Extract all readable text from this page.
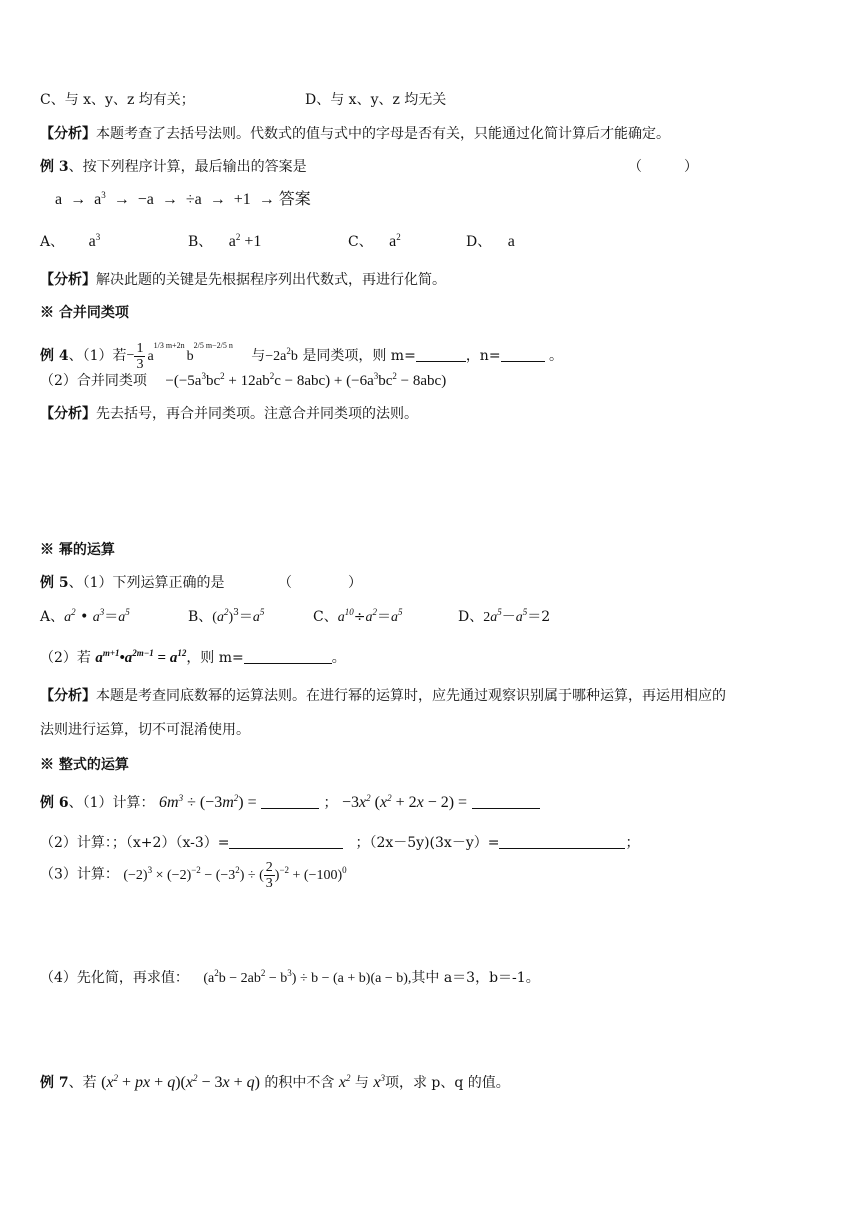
C、与 x、y、z 均有关；	D、与 x、y、z 均无关
【分析】本题考查了去括号法则。代数式的值与式中的字母是否有关，只能通过化简计算后才能确定。
例 3、按下列程序计算，最后输出的答案是	（　　　）
$a \to a^3 \to -a \to \div a \to +1$  → 答案
A、 $a^3$	B、 $a^2 +1$	C、 $a^2$	D、 a
【分析】解决此题的关键是先根据程序列出代数式，再进行化简。
※ 合并同类项
例 4、（1）若− $\frac{1}{3} a^{1/3 m+2n}b^{2/5 m-2/5 n}$ 与$-2a^2b$ 是同类项，则 m=	，n=	。
（2）合并同类项 $-(-5a^3bc^2 + 12ab^2c - 8abc) + (-6a^3bc^2 - 8abc)$
【分析】先去括号，再合并同类项。注意合并同类项的法则。
※ 幂的运算
例 5、（1）下列运算正确的是	（　　　　）
A、$a^2$ • $a^3=a^5$	B、$(a^2)^3=a^5$	C、$a^{10}\div a^2=a^5$	D、$2a^5-a^5=2$
（2）若 $a^{m+1}•a^{2m-1} = a^{12}$，则 m=	。
【分析】本题是考查同底数幂的运算法则。在进行幂的运算时，应先通过观察识别属于哪种运算，再运用相应的
法则进行运算，切不可混淆使用。
※ 整式的运算
例 6、（1）计算： $6m^3 \div (-3m^2)$ =	； $-3x^2$ $(x^2 + 2x - 2)$ =
（2）计算：；（x+2）（x-3）=	；（2x－5y)(3x－y）=	；
（3）计算： $(-2)^3 \times (-2)^{-2} - (-3^2)$ ÷ ( $\frac{2}{3} )^{-2} + (-100)^0$
（4）先化简，再求值： $(a^2b - 2ab^2 - b^3) \div b - (a + b)(a - b)$,其中 a＝3，b＝-1。
例 7、若 ($x^2$ + px + $q)(x^2 - 3x + q)$ 的积中不含 $x^2$ 与 $x^3$项，求 p、q 的值。
